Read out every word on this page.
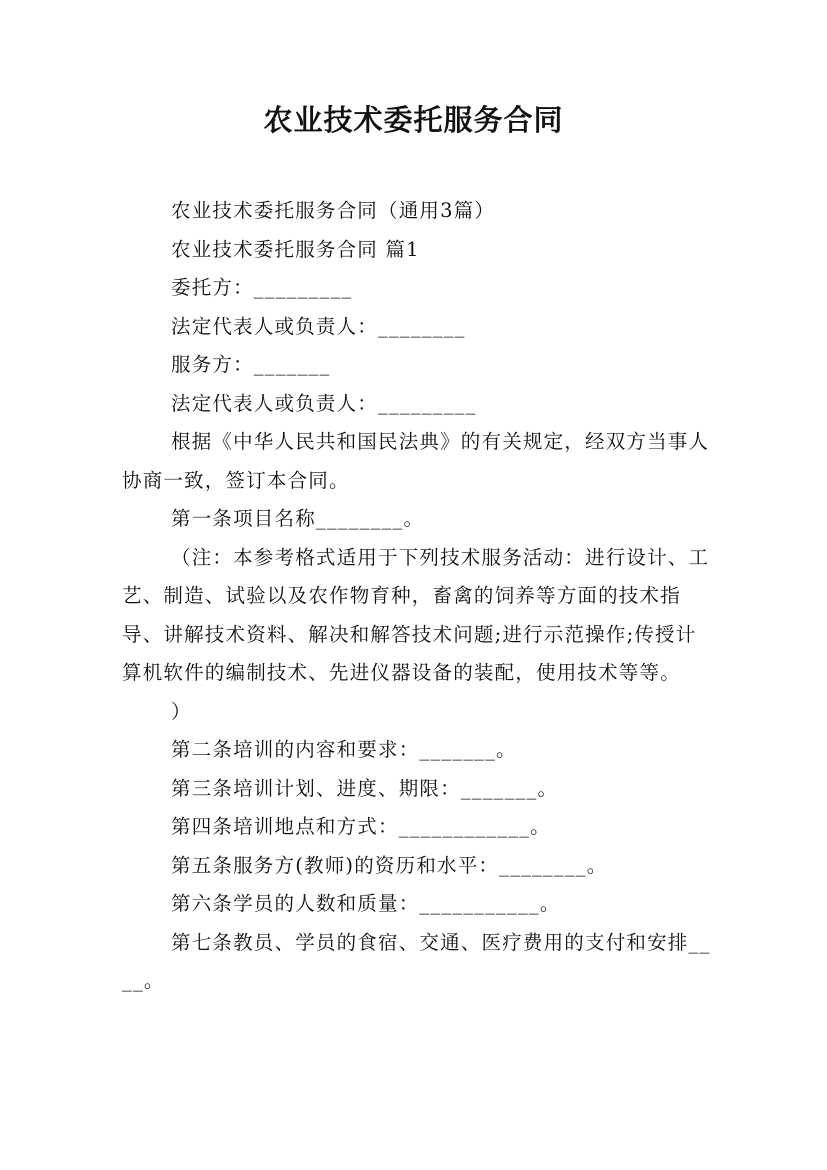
农业技术委托服务合同

农业技术委托服务合同（通用3篇）

农业技术委托服务合同 篇1

委托方：_________

法定代表人或负责人：________

服务方：_______

法定代表人或负责人：_________

根据《中华人民共和国民法典》的有关规定，经双方当事人协商一致，签订本合同。

第一条项目名称________。

（注：本参考格式适用于下列技术服务活动：进行设计、工艺、制造、试验以及农作物育种，畜禽的饲养等方面的技术指导、讲解技术资料、解决和解答技术问题;进行示范操作;传授计算机软件的编制技术、先进仪器设备的装配，使用技术等等。

）

第二条培训的内容和要求：_______。

第三条培训计划、进度、期限：_______。

第四条培训地点和方式：____________。

第五条服务方(教师)的资历和水平：________。

第六条学员的人数和质量：___________。

第七条教员、学员的食宿、交通、医疗费用的支付和安排____。
